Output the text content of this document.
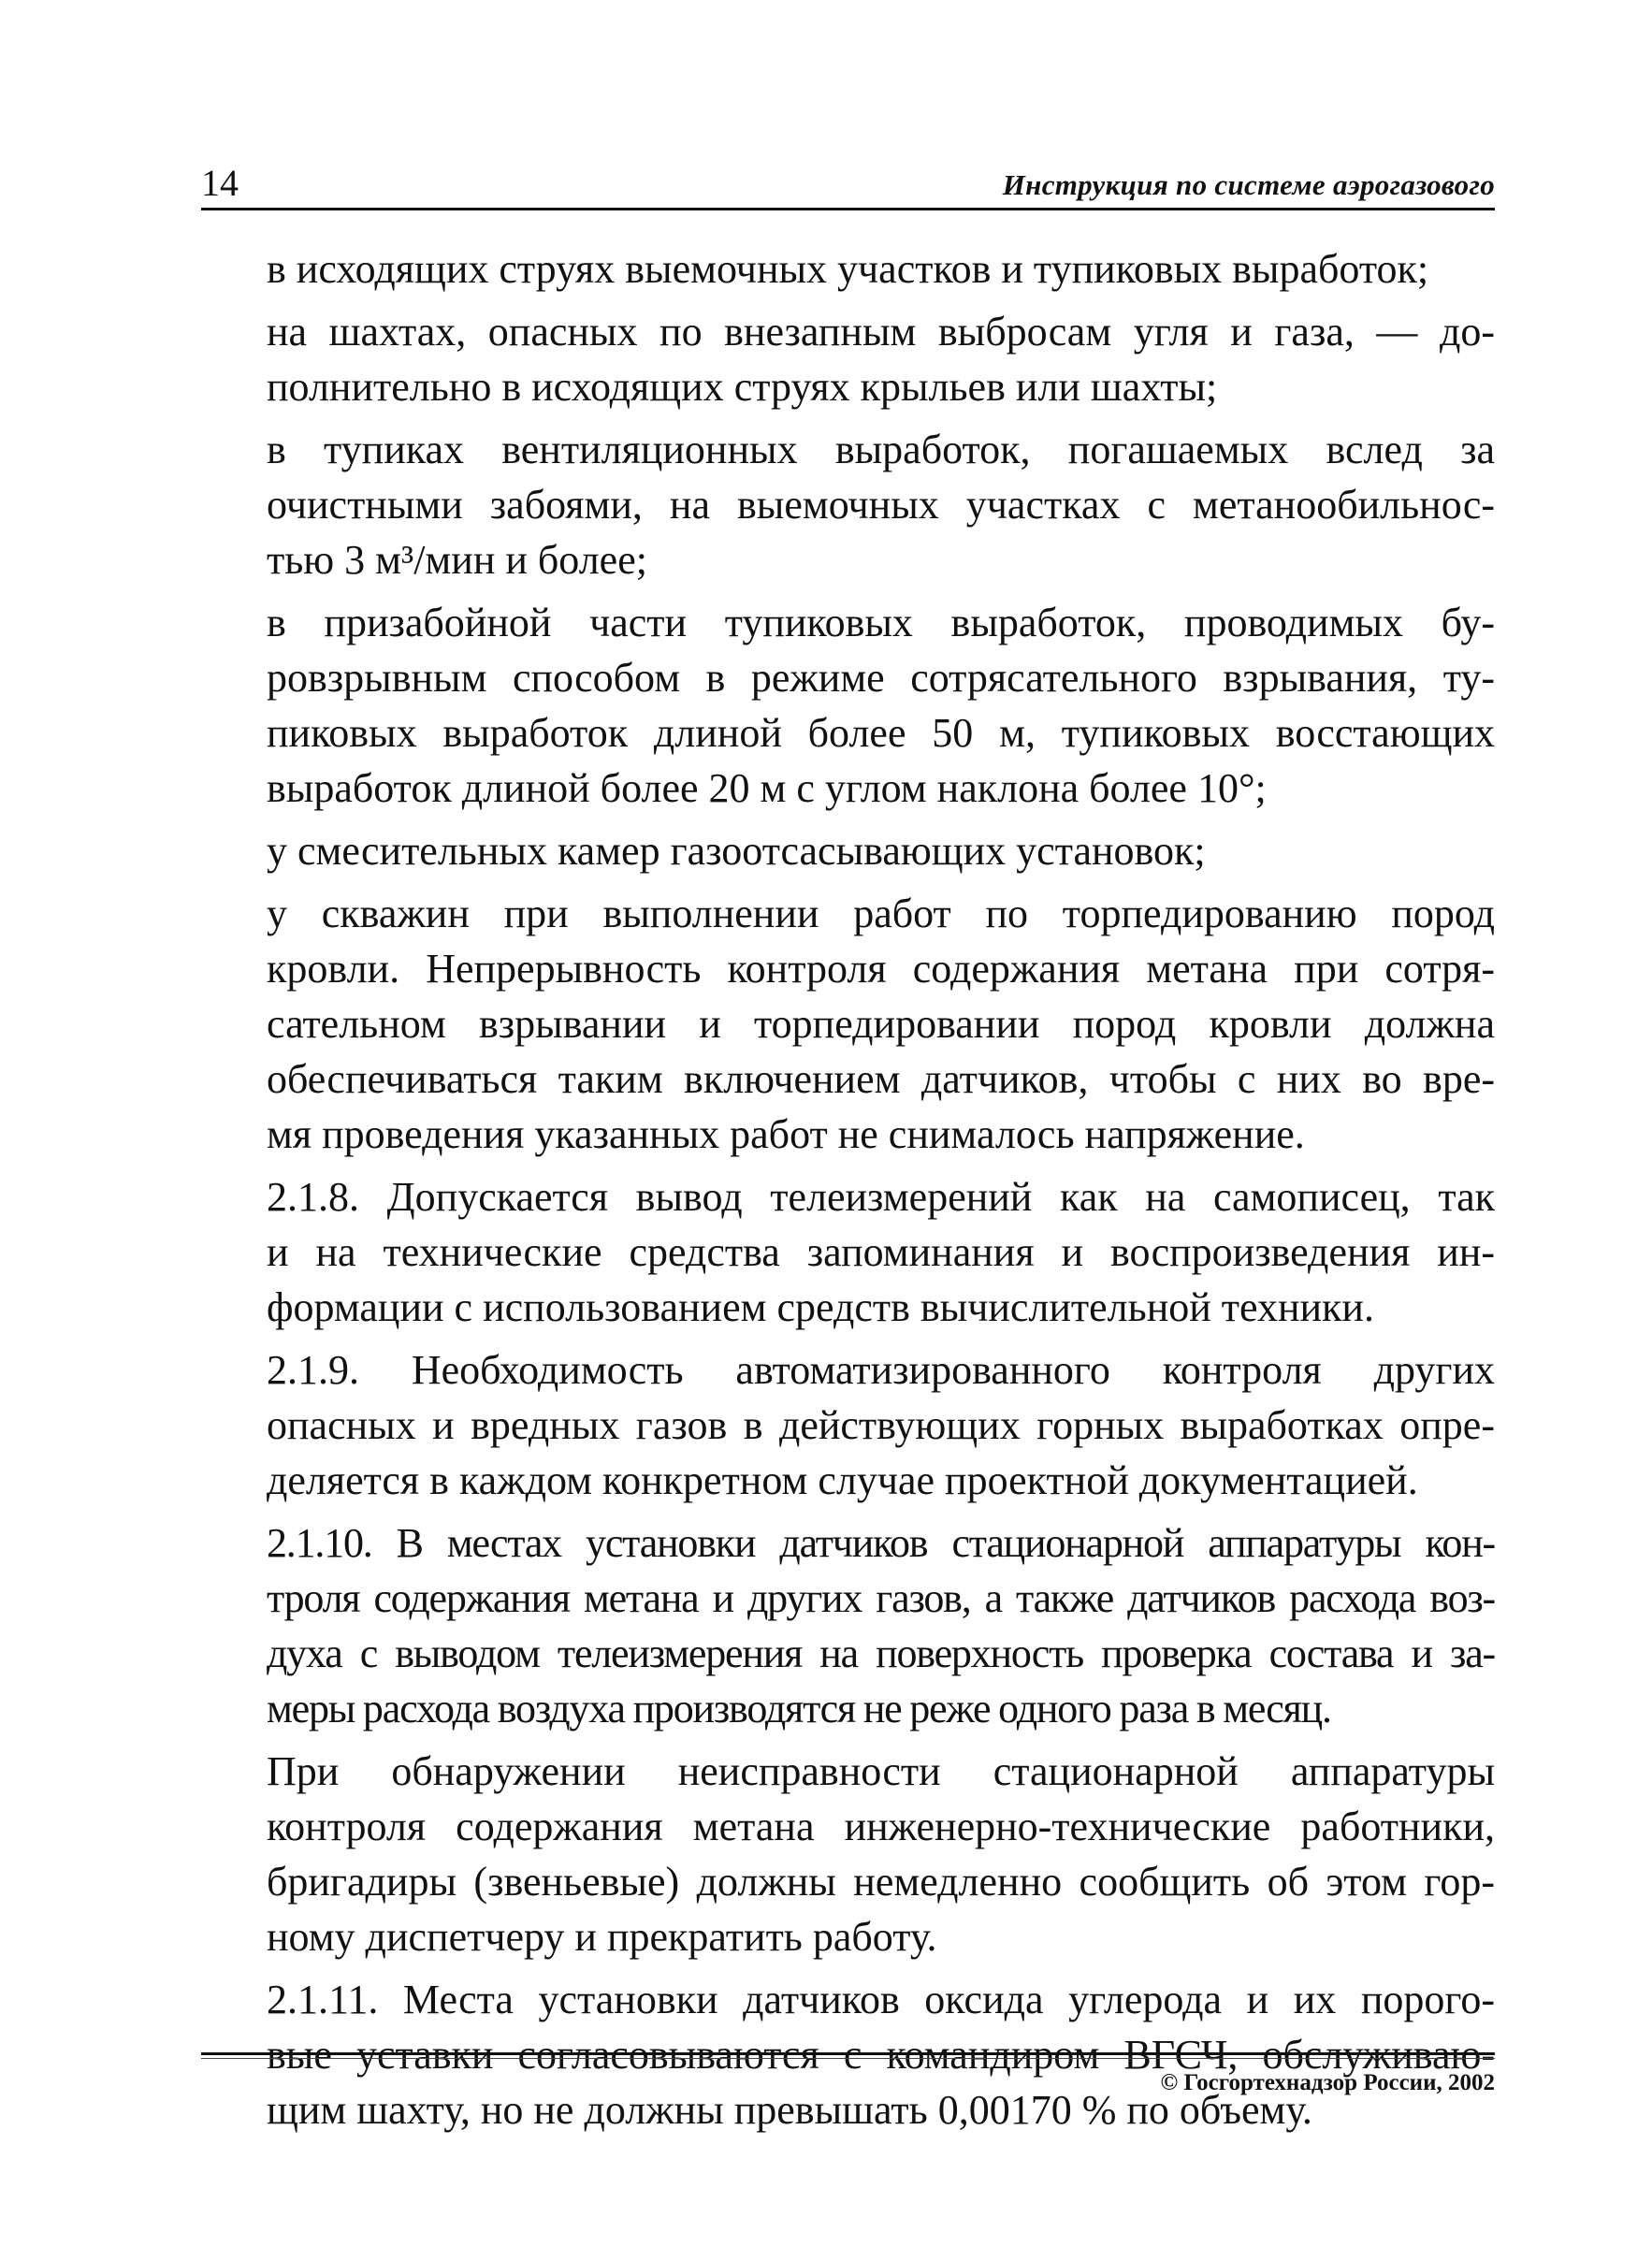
14	Инструкция по системе аэрогазового

в исходящих струях выемочных участков и тупиковых выработок;

на шахтах, опасных по внезапным выбросам угля и газа, — до-
полнительно в исходящих струях крыльев или шахты;

в тупиках вентиляционных выработок, погашаемых вслед за
очистными забоями, на выемочных участках с метанообильнос-
тью 3 м³/мин и более;

в призабойной части тупиковых выработок, проводимых бу-
ровзрывным способом в режиме сотрясательного взрывания, ту-
пиковых выработок длиной более 50 м, тупиковых восстающих
выработок длиной более 20 м с углом наклона более 10°;

у смесительных камер газоотсасывающих установок;

у скважин при выполнении работ по торпедированию пород
кровли. Непрерывность контроля содержания метана при сотря-
сательном взрывании и торпедировании пород кровли должна
обеспечиваться таким включением датчиков, чтобы с них во вре-
мя проведения указанных работ не снималось напряжение.

2.1.8. Допускается вывод телеизмерений как на самописец, так
и на технические средства запоминания и воспроизведения ин-
формации с использованием средств вычислительной техники.

2.1.9. Необходимость автоматизированного контроля других
опасных и вредных газов в действующих горных выработках опре-
деляется в каждом конкретном случае проектной документацией.

2.1.10. В местах установки датчиков стационарной аппаратуры кон-
троля содержания метана и других газов, а также датчиков расхода воз-
духа с выводом телеизмерения на поверхность проверка состава и за-
меры расхода воздуха производятся не реже одного раза в месяц.

При обнаружении неисправности стационарной аппаратуры
контроля содержания метана инженерно-технические работники,
бригадиры (звеньевые) должны немедленно сообщить об этом гор-
ному диспетчеру и прекратить работу.

2.1.11. Места установки датчиков оксида углерода и их порого-
вые уставки согласовываются с командиром ВГСЧ, обслуживаю-
щим шахту, но не должны превышать 0,00170 % по объему.

© Госгортехнадзор России, 2002
